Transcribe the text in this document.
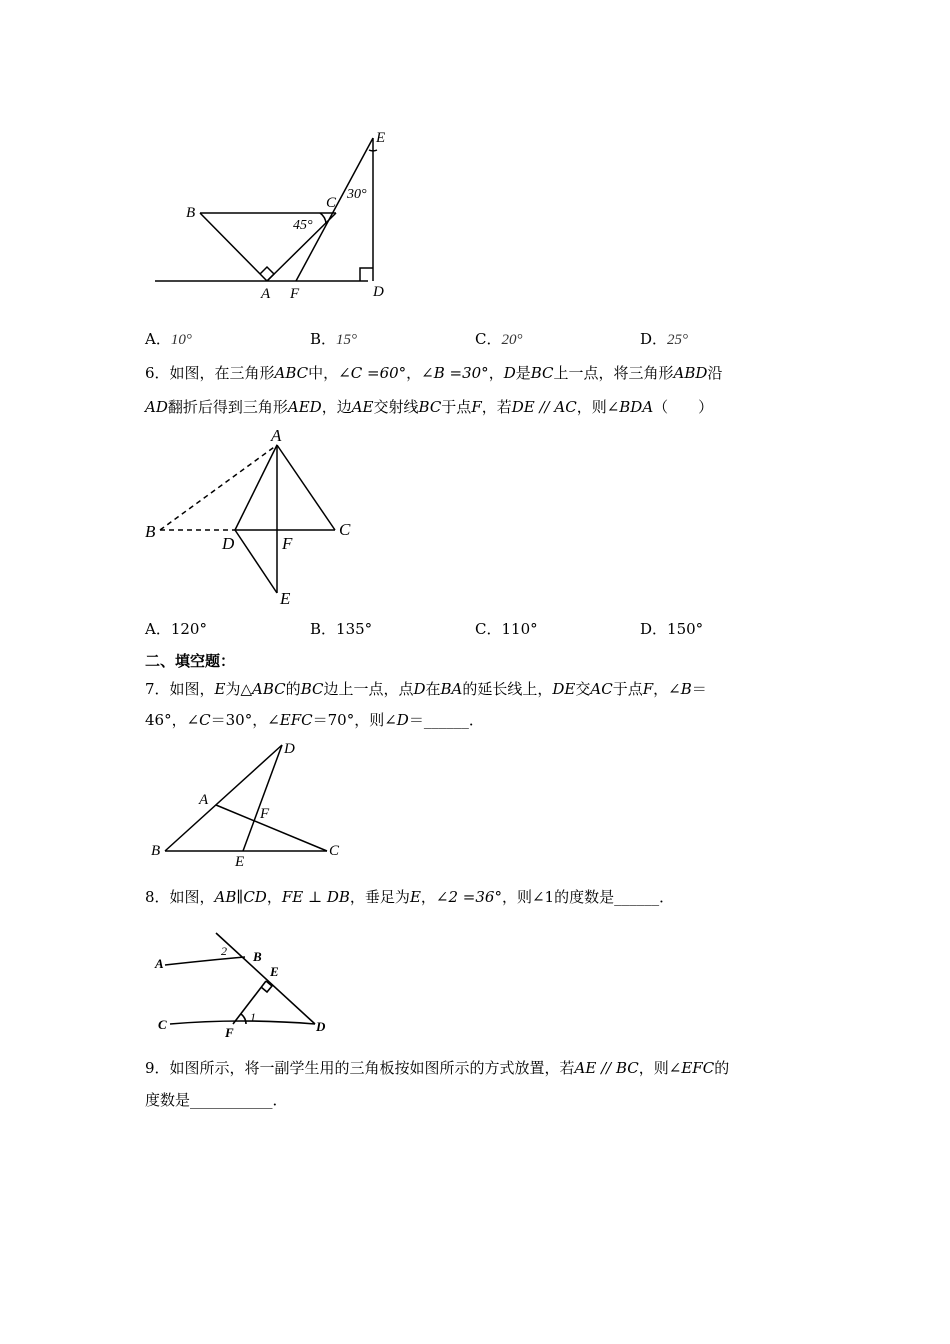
E
B
C
A F	D
45°
30°
A．10°	B．15°	C．20°	D．25°
6．如图，在三角形ABC中，∠C =60°，∠B =30°，D是BC上一点，将三角形ABD沿
AD翻折后得到三角形AED，边AE交射线BC于点F，若DE // AC，则∠BDA（　　）
A
B
D	F
C
E
A．120°	B．135°	C．110°	D．150°
二、填空题：
7．如图，E为△ABC的BC边上一点，点D在BA的延长线上，DE交AC于点F，∠B＝
46°，∠C＝30°，∠EFC＝70°，则∠D＝______．
D
A
F
B
E
C
8．如图，AB∥CD，FE ⊥ DB，垂足为E，∠2 =36°，则∠1的度数是______．
A	B
E
C
F	D
2
1
9．如图所示，将一副学生用的三角板按如图所示的方式放置，若AE // BC，则∠EFC的
度数是___________．
